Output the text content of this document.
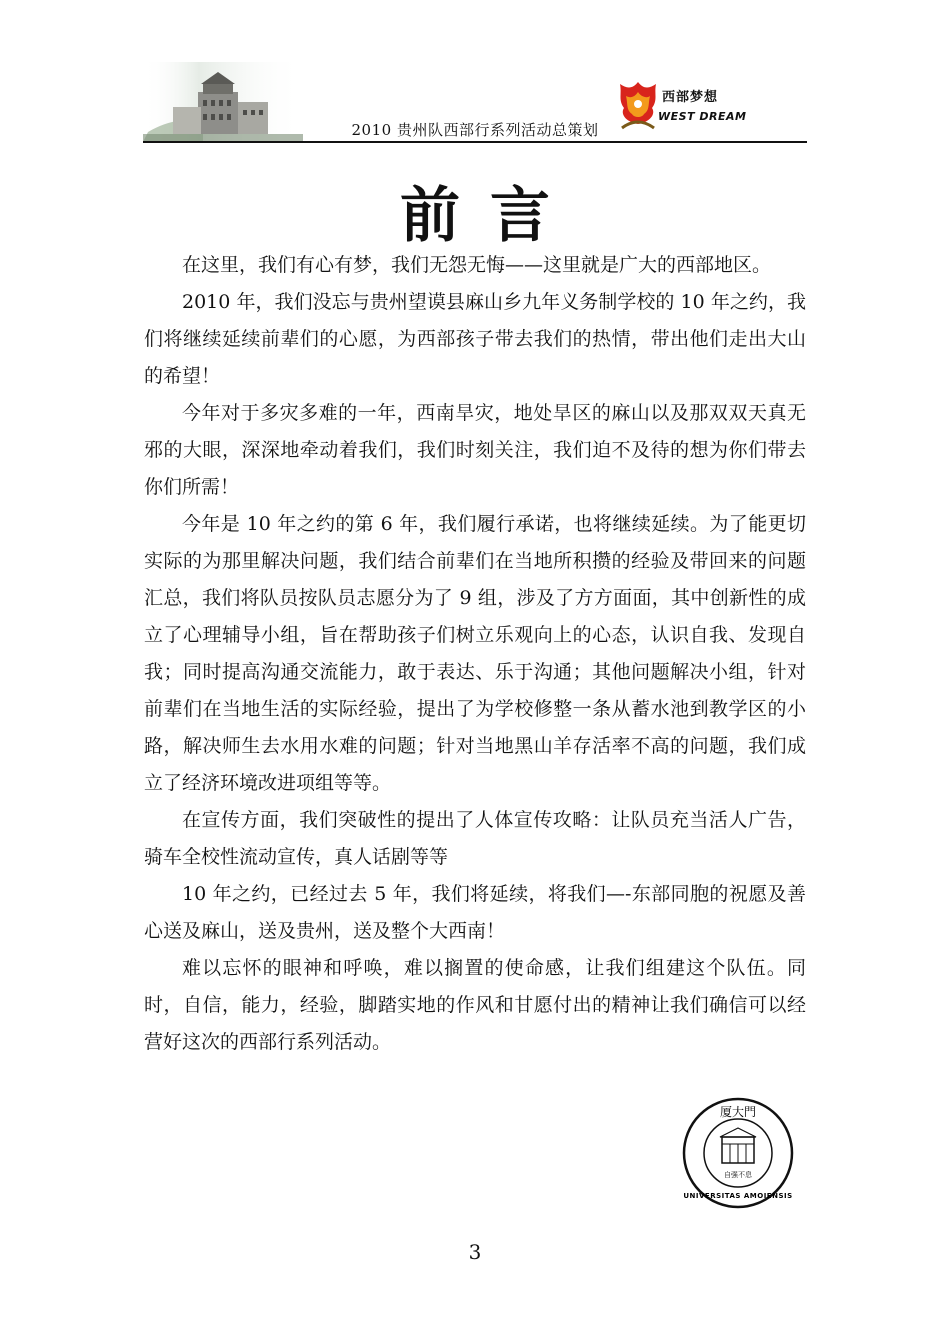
2010 贵州队西部行系列活动总策划
西部梦想
WEST DREAM
前言

在这里，我们有心有梦，我们无怨无悔——这里就是广大的西部地区。

2010 年，我们没忘与贵州望谟县麻山乡九年义务制学校的 10 年之约，我们将继续延续前辈们的心愿，为西部孩子带去我们的热情，带出他们走出大山的希望！

今年对于多灾多难的一年，西南旱灾，地处旱区的麻山以及那双双天真无邪的大眼，深深地牵动着我们，我们时刻关注，我们迫不及待的想为你们带去你们所需！

今年是 10 年之约的第 6 年，我们履行承诺，也将继续延续。为了能更切实际的为那里解决问题，我们结合前辈们在当地所积攒的经验及带回来的问题汇总，我们将队员按队员志愿分为了 9 组，涉及了方方面面，其中创新性的成立了心理辅导小组，旨在帮助孩子们树立乐观向上的心态，认识自我、发现自我；同时提高沟通交流能力，敢于表达、乐于沟通；其他问题解决小组，针对前辈们在当地生活的实际经验，提出了为学校修整一条从蓄水池到教学区的小路，解决师生去水用水难的问题；针对当地黑山羊存活率不高的问题，我们成立了经济环境改进项组等等。

在宣传方面，我们突破性的提出了人体宣传攻略：让队员充当活人广告，骑车全校性流动宣传，真人话剧等等

10 年之约，已经过去 5 年，我们将延续，将我们—-东部同胞的祝愿及善心送及麻山，送及贵州，送及整个大西南！

难以忘怀的眼神和呼唤，难以搁置的使命感，让我们组建这个队伍。同时，自信，能力，经验，脚踏实地的作风和甘愿付出的精神让我们确信可以经营好这次的西部行系列活动。

厦大門
自强不息
UNIVERSITAS AMOIENSIS
3
